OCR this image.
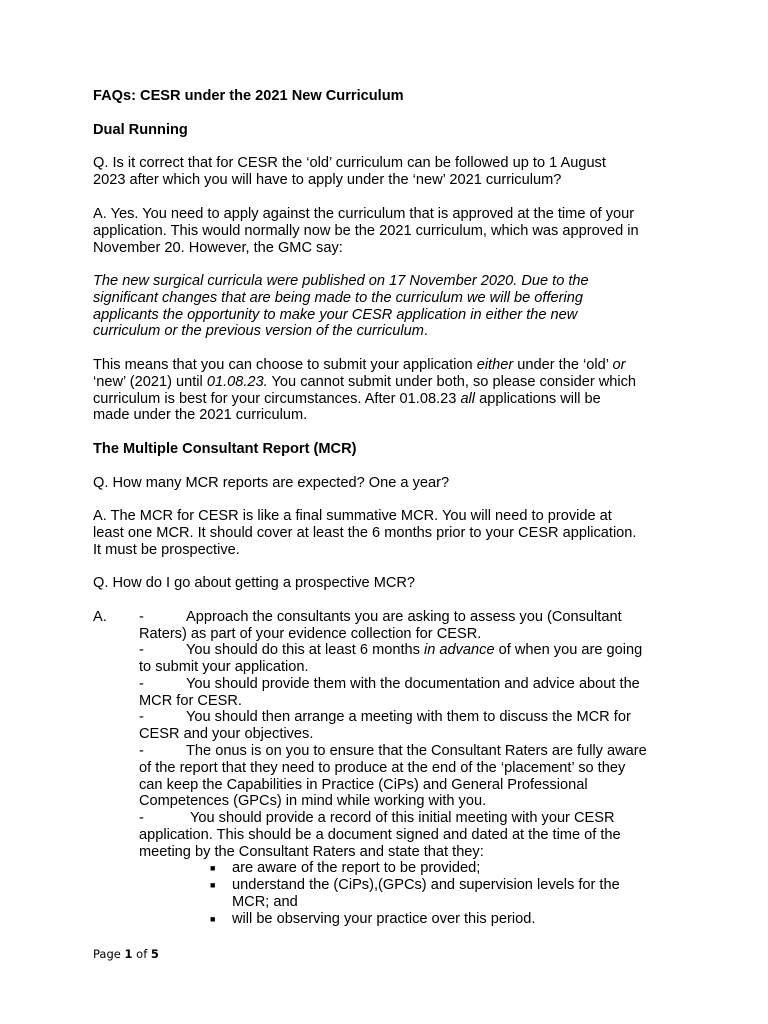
FAQs: CESR under the 2021 New Curriculum
Dual Running
Q. Is it correct that for CESR the ‘old’ curriculum can be followed up to 1 August
2023 after which you will have to apply under the ‘new’ 2021 curriculum?
A. Yes. You need to apply against the curriculum that is approved at the time of your
application. This would normally now be the 2021 curriculum, which was approved in
November 20. However, the GMC say:
The new surgical curricula were published on 17 November 2020. Due to the
significant changes that are being made to the curriculum we will be offering
applicants the opportunity to make your CESR application in either the new
curriculum or the previous version of the curriculum.
This means that you can choose to submit your application either under the ‘old’ or
‘new’ (2021) until 01.08.23. You cannot submit under both, so please consider which
curriculum is best for your circumstances. After 01.08.23 all applications will be
made under the 2021 curriculum.
The Multiple Consultant Report (MCR)
Q. How many MCR reports are expected? One a year?
A. The MCR for CESR is like a final summative MCR. You will need to provide at
least one MCR. It should cover at least the 6 months prior to your CESR application.
It must be prospective.
Q. How do I go about getting a prospective MCR?
A. -	Approach the consultants you are asking to assess you (Consultant
Raters) as part of your evidence collection for CESR.
-	You should do this at least 6 months in advance of when you are going
to submit your application.
-	You should provide them with the documentation and advice about the
MCR for CESR.
-	You should then arrange a meeting with them to discuss the MCR for
CESR and your objectives.
-	The onus is on you to ensure that the Consultant Raters are fully aware
of the report that they need to produce at the end of the ‘placement’ so they
can keep the Capabilities in Practice (CiPs) and General Professional
Competences (GPCs) in mind while working with you.
-	You should provide a record of this initial meeting with your CESR
application. This should be a document signed and dated at the time of the
meeting by the Consultant Raters and state that they:
■	are aware of the report to be provided;
■	understand the (CiPs),(GPCs) and supervision levels for the
MCR; and
■	will be observing your practice over this period.
Page 1 of 5
